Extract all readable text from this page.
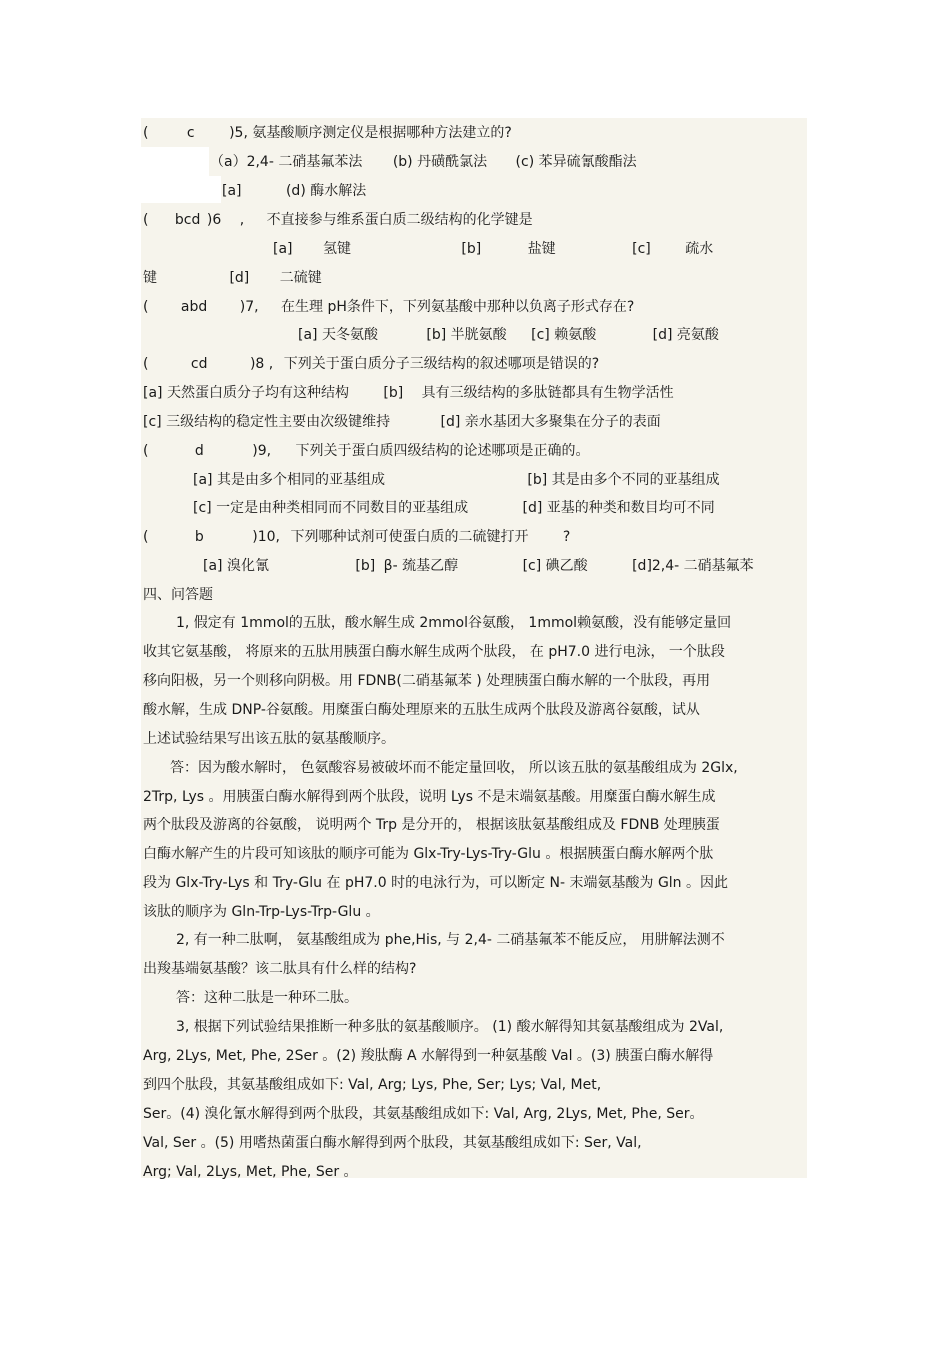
(	c )5, 氨基酸顺序测定仪是根据哪种方法建立的?
（a）2,4- 二硝基氟苯法 (b) 丹磺酰氯法 (c) 苯异硫氰酸酯法
[a]	(d) 酶水解法
( bcd )6 , 不直接参与维系蛋白质二级结构的化学键是
[a] 氢键	[b]	盐键	[c] 疏水
键	[d] 二硫键
( abd )7, 在生理 pH条件下，下列氨基酸中那种以负离子形式存在?
[a] 天冬氨酸	[b] 半胱氨酸 [c] 赖氨酸	[d] 亮氨酸
(	cd	)8 , 下列关于蛋白质分子三级结构的叙述哪项是错误的?
[a] 天然蛋白质分子均有这种结构 [b] 具有三级结构的多肽链都具有生物学活性
[c] 三级结构的稳定性主要由次级键维持	[d] 亲水基团大多聚集在分子的表面
(	d	)9, 下列关于蛋白质四级结构的论述哪项是正确的。
[a] 其是由多个相同的亚基组成	[b] 其是由多个不同的亚基组成
[c] 一定是由种类相同而不同数目的亚基组成	[d] 亚基的种类和数目均可不同
(	b	)10, 下列哪种试剂可使蛋白质的二硫键打开 ?
[a] 溴化氰	[b] β- 巯基乙醇	[c] 碘乙酸	[d]2,4- 二硝基氟苯
四、问答题
1, 假定有 1mmol的五肽，酸水解生成 2mmol谷氨酸， 1mmol赖氨酸，没有能够定量回
收其它氨基酸， 将原来的五肽用胰蛋白酶水解生成两个肽段， 在 pH7.0 进行电泳， 一个肽段
移向阳极，另一个则移向阴极。用 FDNB(二硝基氟苯 ) 处理胰蛋白酶水解的一个肽段，再用
酸水解，生成 DNP-谷氨酸。用糜蛋白酶处理原来的五肽生成两个肽段及游离谷氨酸，试从
上述试验结果写出该五肽的氨基酸顺序。
答：因为酸水解时， 色氨酸容易被破坏而不能定量回收， 所以该五肽的氨基酸组成为 2Glx,
2Trp, Lys 。用胰蛋白酶水解得到两个肽段，说明 Lys 不是末端氨基酸。用糜蛋白酶水解生成
两个肽段及游离的谷氨酸， 说明两个 Trp 是分开的， 根据该肽氨基酸组成及 FDNB 处理胰蛋
白酶水解产生的片段可知该肽的顺序可能为 Glx-Try-Lys-Try-Glu 。根据胰蛋白酶水解两个肽
段为 Glx-Try-Lys 和 Try-Glu 在 pH7.0 时的电泳行为，可以断定 N- 末端氨基酸为 Gln 。因此
该肽的顺序为 Gln-Trp-Lys-Trp-Glu 。
2, 有一种二肽啊， 氨基酸组成为 phe,His, 与 2,4- 二硝基氟苯不能反应， 用肼解法测不
出羧基端氨基酸？该二肽具有什么样的结构?
答：这种二肽是一种环二肽。
3, 根据下列试验结果推断一种多肽的氨基酸顺序。 (1) 酸水解得知其氨基酸组成为 2Val,
Arg, 2Lys, Met, Phe, 2Ser 。(2) 羧肽酶 A 水解得到一种氨基酸 Val 。(3) 胰蛋白酶水解得
到四个肽段，其氨基酸组成如下: Val, Arg; Lys, Phe, Ser; Lys; Val, Met,
Ser。(4) 溴化氰水解得到两个肽段，其氨基酸组成如下: Val, Arg, 2Lys, Met, Phe, Ser。
Val, Ser 。(5) 用嗜热菌蛋白酶水解得到两个肽段，其氨基酸组成如下: Ser, Val,
Arg; Val, 2Lys, Met, Phe, Ser 。
